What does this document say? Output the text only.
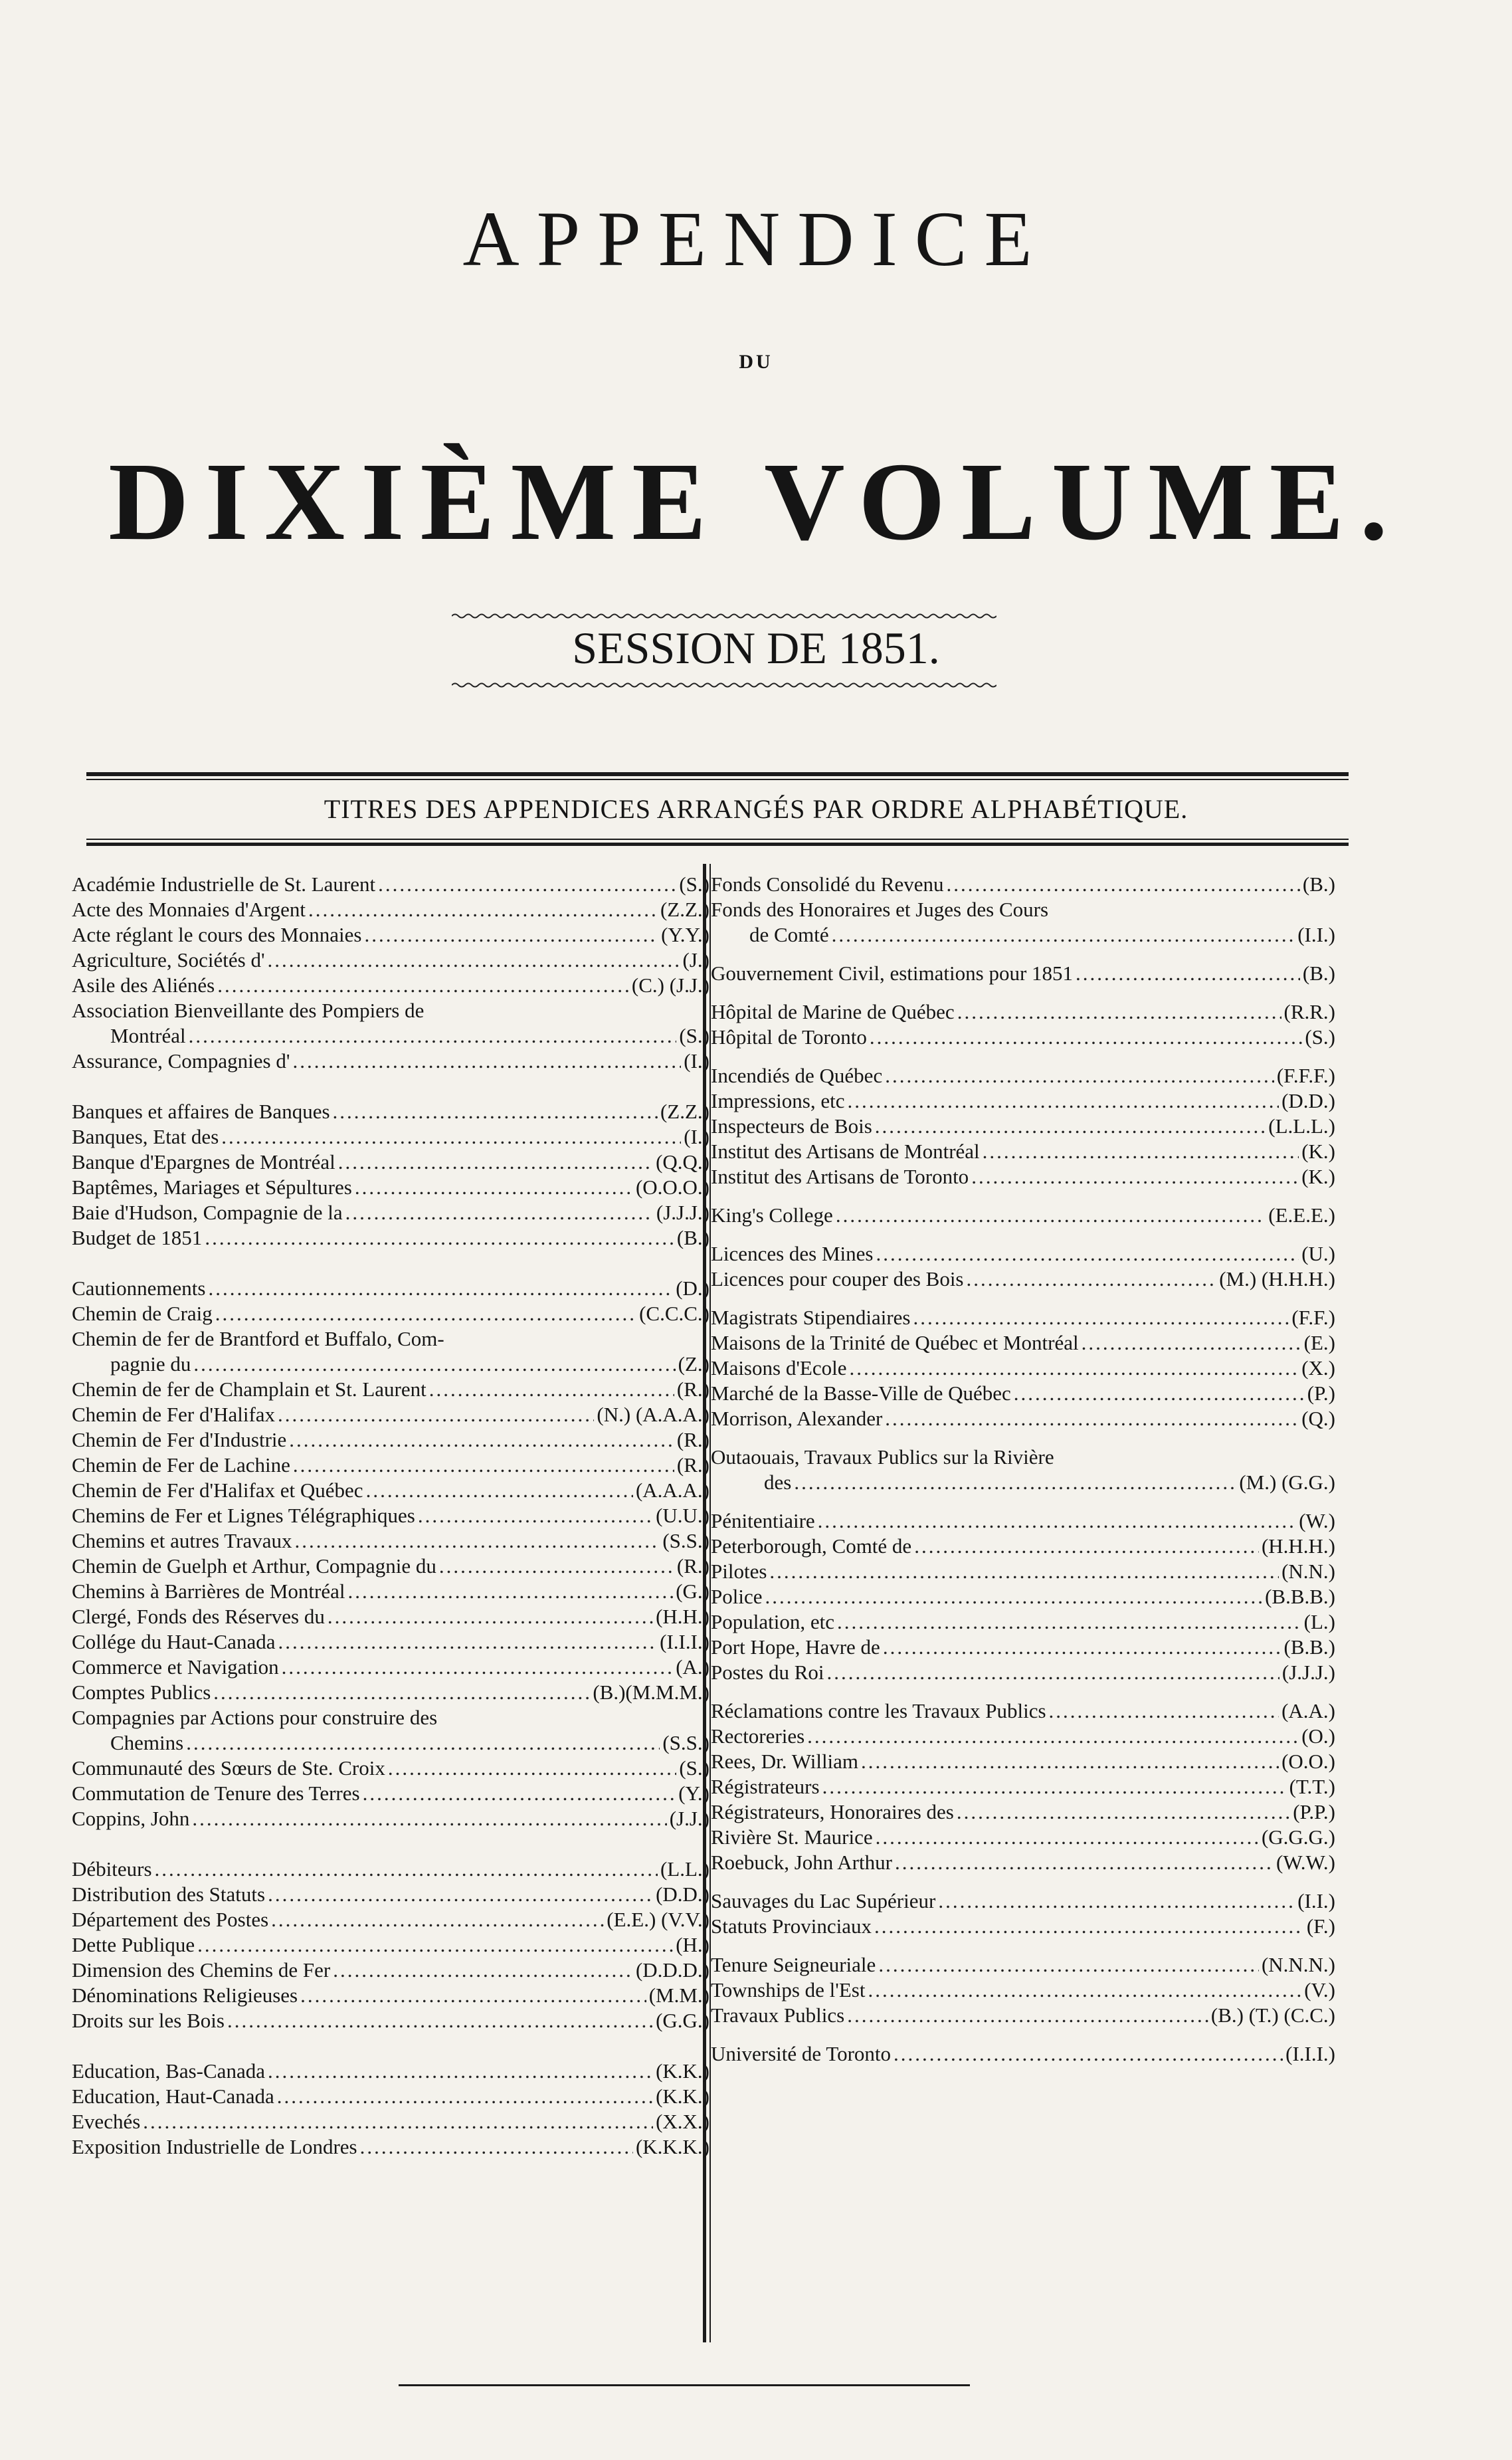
APPENDICE
DU
DIXIÈME VOLUME.
SESSION DE 1851.
TITRES DES APPENDICES ARRANGÉS PAR ORDRE ALPHABÉTIQUE.
Académie Industrielle de St. Laurent .....	(S.)
Acte des Monnaies d'Argent .....	(Z.Z.)
Acte réglant le cours des Monnaies .....	(Y.Y.)
Agriculture, Sociétés d' .....	(J.)
Asile des Aliénés .....	(C.) (J.J.)
Association Bienveillante des Pompiers de
Montréal .....	(S.)
Assurance, Compagnies d' .....	(I.)
Banques et affaires de Banques .....	(Z.Z.)
Banques, Etat des .....	(I.)
Banque d'Epargnes de Montréal .....	(Q.Q.)
Baptêmes, Mariages et Sépultures .....	(O.O.O.)
Baie d'Hudson, Compagnie de la .....	(J.J.J.)
Budget de 1851 .....	(B.)
Cautionnements .....	(D.)
Chemin de Craig .....	(C.C.C.)
Chemin de fer de Brantford et Buffalo, Com-
pagnie du .....	(Z.)
Chemin de fer de Champlain et St. Laurent .....	(R.)
Chemin de Fer d'Halifax .....	(N.) (A.A.A.)
Chemin de Fer d'Industrie .....	(R.)
Chemin de Fer de Lachine .....	(R.)
Chemin de Fer d'Halifax et Québec .....	(A.A.A.)
Chemins de Fer et Lignes Télégraphiques .....	(U.U.)
Chemins et autres Travaux .....	(S.S.)
Chemin de Guelph et Arthur, Compagnie du .....	(R.)
Chemins à Barrières de Montréal .....	(G.)
Clergé, Fonds des Réserves du .....	(H.H.)
Collége du Haut-Canada .....	(I.I.I.)
Commerce et Navigation .....	(A.)
Comptes Publics .....	(B.)(M.M.M.)
Compagnies par Actions pour construire des
Chemins .....	(S.S.)
Communauté des Sœurs de Ste. Croix .....	(S.)
Commutation de Tenure des Terres .....	(Y.)
Coppins, John .....	(J.J.)
Débiteurs .....	(L.L.)
Distribution des Statuts .....	(D.D.)
Département des Postes .....	(E.E.) (V.V.)
Dette Publique .....	(H.)
Dimension des Chemins de Fer .....	(D.D.D.)
Dénominations Religieuses .....	(M.M.)
Droits sur les Bois .....	(G.G.)
Education, Bas-Canada .....	(K.K.)
Education, Haut-Canada .....	(K.K.)
Evechés .....	(X.X.)
Exposition Industrielle de Londres .....	(K.K.K.)
Fonds Consolidé du Revenu .....	(B.)
Fonds des Honoraires et Juges des Cours
de Comté .....	(I.I.)
Gouvernement Civil, estimations pour 1851 .....	(B.)
Hôpital de Marine de Québec .....	(R.R.)
Hôpital de Toronto .....	(S.)
Incendiés de Québec .....	(F.F.F.)
Impressions, etc .....	(D.D.)
Inspecteurs de Bois .....	(L.L.L.)
Institut des Artisans de Montréal .....	(K.)
Institut des Artisans de Toronto .....	(K.)
King's College .....	(E.E.E.)
Licences des Mines .....	(U.)
Licences pour couper des Bois .....	(M.) (H.H.H.)
Magistrats Stipendiaires .....	(F.F.)
Maisons de la Trinité de Québec et Montréal .....	(E.)
Maisons d'Ecole .....	(X.)
Marché de la Basse-Ville de Québec .....	(P.)
Morrison, Alexander .....	(Q.)
Outaouais, Travaux Publics sur la Rivière
des .....	(M.) (G.G.)
Pénitentiaire .....	(W.)
Peterborough, Comté de .....	(H.H.H.)
Pilotes .....	(N.N.)
Police .....	(B.B.B.)
Population, etc .....	(L.)
Port Hope, Havre de .....	(B.B.)
Postes du Roi .....	(J.J.J.)
Réclamations contre les Travaux Publics .....	(A.A.)
Rectoreries .....	(O.)
Rees, Dr. William .....	(O.O.)
Régistrateurs .....	(T.T.)
Régistrateurs, Honoraires des .....	(P.P.)
Rivière St. Maurice .....	(G.G.G.)
Roebuck, John Arthur .....	(W.W.)
Sauvages du Lac Supérieur .....	(I.I.)
Statuts Provinciaux .....	(F.)
Tenure Seigneuriale .....	(N.N.N.)
Townships de l'Est .....	(V.)
Travaux Publics .....	(B.) (T.) (C.C.)
Université de Toronto .....	(I.I.I.)
